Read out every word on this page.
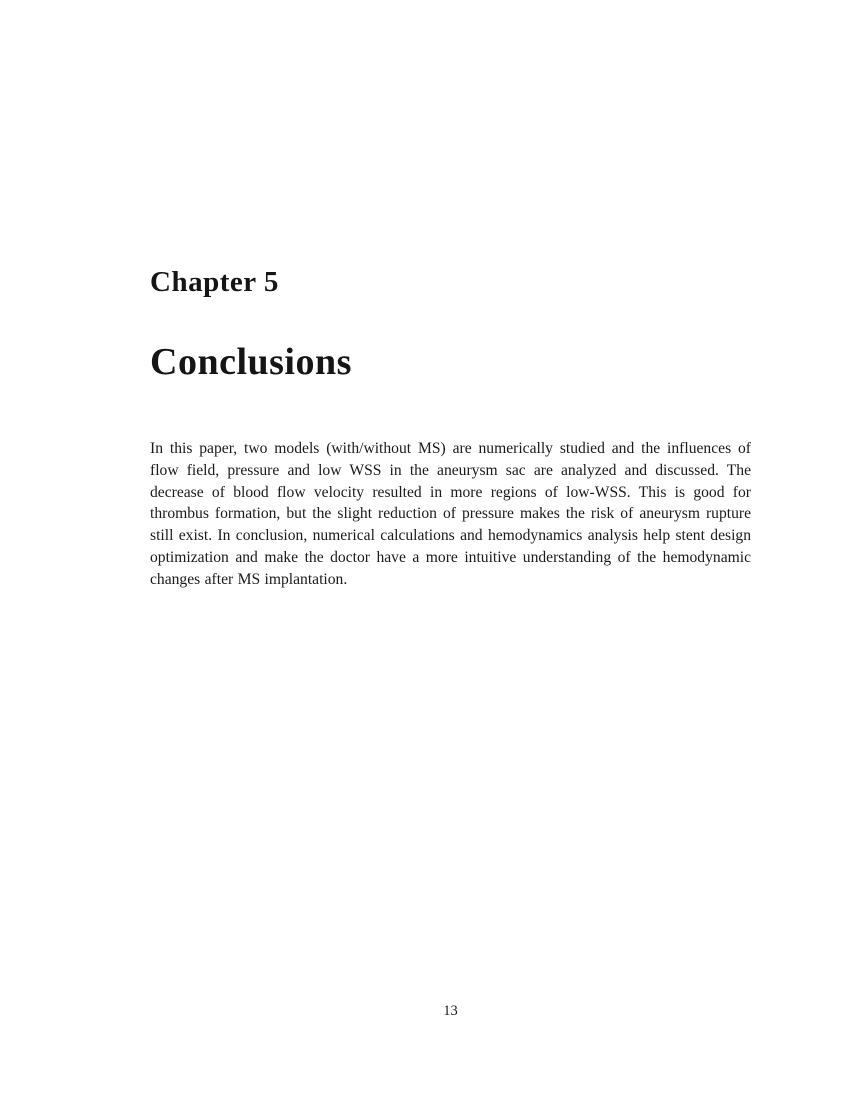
Chapter 5
Conclusions

In this paper, two models (with/without MS) are numerically studied and the influences of flow field, pressure and low WSS in the aneurysm sac are analyzed and discussed. The decrease of blood flow velocity resulted in more regions of low-WSS. This is good for thrombus formation, but the slight reduction of pressure makes the risk of aneurysm rupture still exist. In conclusion, numerical calculations and hemodynamics analysis help stent design optimization and make the doctor have a more intuitive understanding of the hemodynamic changes after MS implantation.

13
